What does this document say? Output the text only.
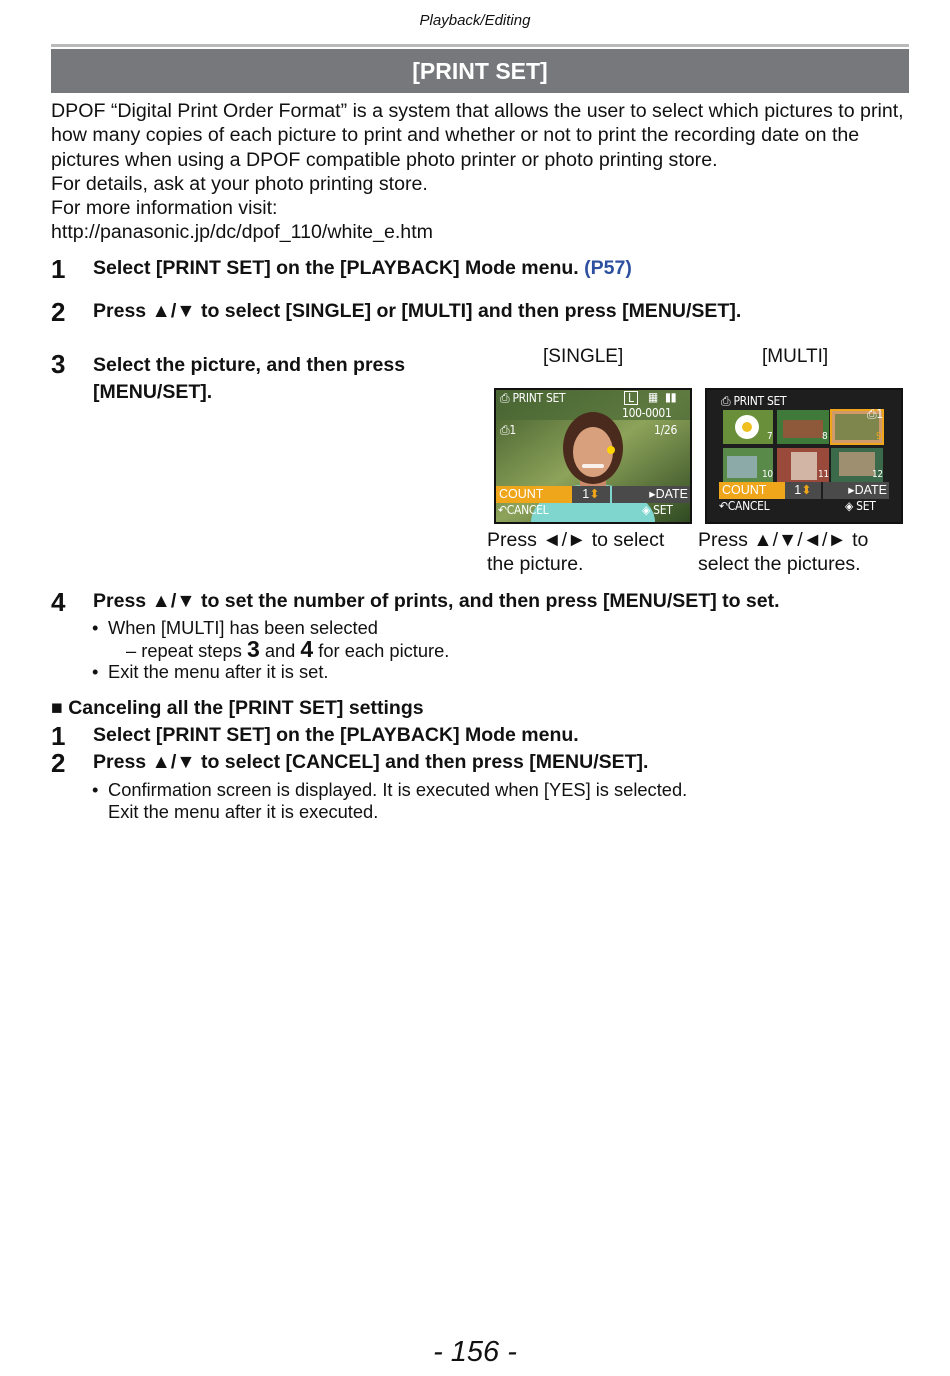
Playback/Editing
[PRINT SET]

DPOF “Digital Print Order Format” is a system that allows the user to select which pictures to print, how many copies of each picture to print and whether or not to print the recording date on the pictures when using a DPOF compatible photo printer or photo printing store.

For details, ask at your photo printing store.

For more information visit:

http://panasonic.jp/dc/dpof_110/white_e.htm

1 Select [PRINT SET] on the [PLAYBACK] Mode menu. (P57)
2 Press ▲/▼ to select [SINGLE] or [MULTI] and then press [MENU/SET].
3 Select the picture, and then press
[MENU/SET].
[SINGLE]
⎙ PRINT SET	L	▦ ▮▮
100-0001
⎙1	1/26
COUNT	1⬍	▸DATE
↶CANCEL	◈ SET
Press ◄/► to select
the picture.
[MULTI]
⎙ PRINT SET
⎙1
7	8	9
10	11	12
COUNT	1⬍	▸DATE
↶CANCEL	◈ SET
Press ▲/▼/◄/► to
select the pictures.
4 Press ▲/▼ to set the number of prints, and then press [MENU/SET] to set.
• When [MULTI] has been selected
– repeat steps 3 and 4 for each picture.
• Exit the menu after it is set.
■ Canceling all the [PRINT SET] settings
1 Select [PRINT SET] on the [PLAYBACK] Mode menu.
2 Press ▲/▼ to select [CANCEL] and then press [MENU/SET].
• Confirmation screen is displayed. It is executed when [YES] is selected.
Exit the menu after it is executed.
- 156 -
